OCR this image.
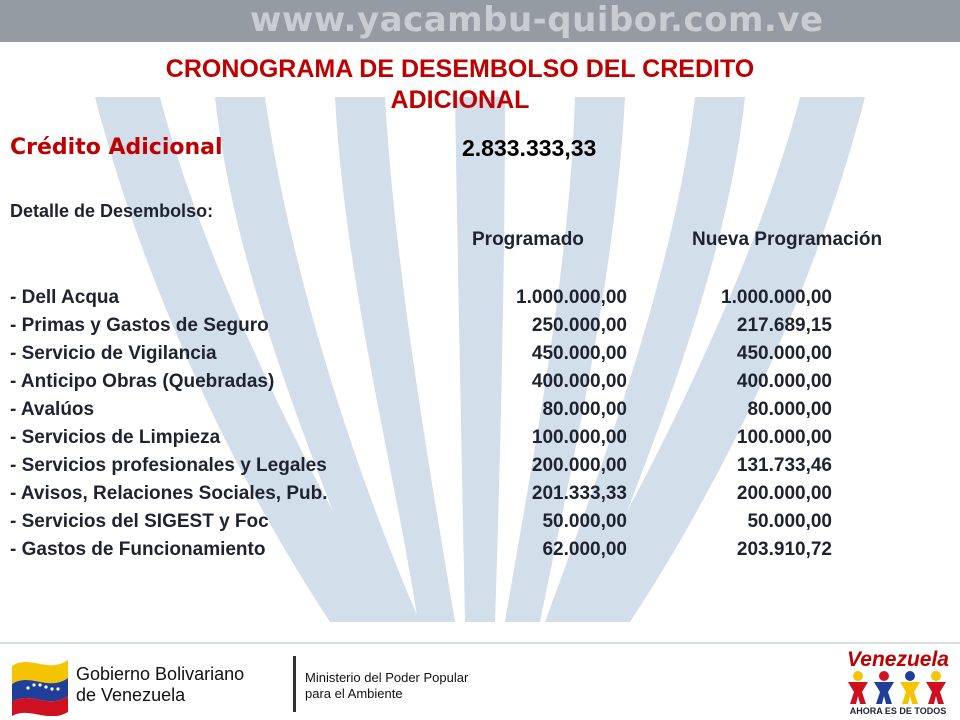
www.yacambu-quibor.com.ve
CRONOGRAMA DE DESEMBOLSO DEL CREDITO
ADICIONAL
Crédito Adicional	2.833.333,33
Detalle de Desembolso:
Programado	Nueva Programación
- Dell Acqua	1.000.000,00	1.000.000,00
- Primas y Gastos de Seguro	250.000,00	217.689,15
- Servicio de Vigilancia	450.000,00	450.000,00
- Anticipo Obras (Quebradas)	400.000,00	400.000,00
- Avalúos	80.000,00	80.000,00
- Servicios de Limpieza	100.000,00	100.000,00
- Servicios profesionales y Legales	200.000,00	131.733,46
- Avisos, Relaciones Sociales, Pub.	201.333,33	200.000,00
- Servicios del SIGEST y Foc	50.000,00	50.000,00
- Gastos de Funcionamiento	62.000,00	203.910,72
Gobierno Bolivariano
de Venezuela
Ministerio del Poder Popular
para el Ambiente
Venezuela
AHORA ES DE TODOS
